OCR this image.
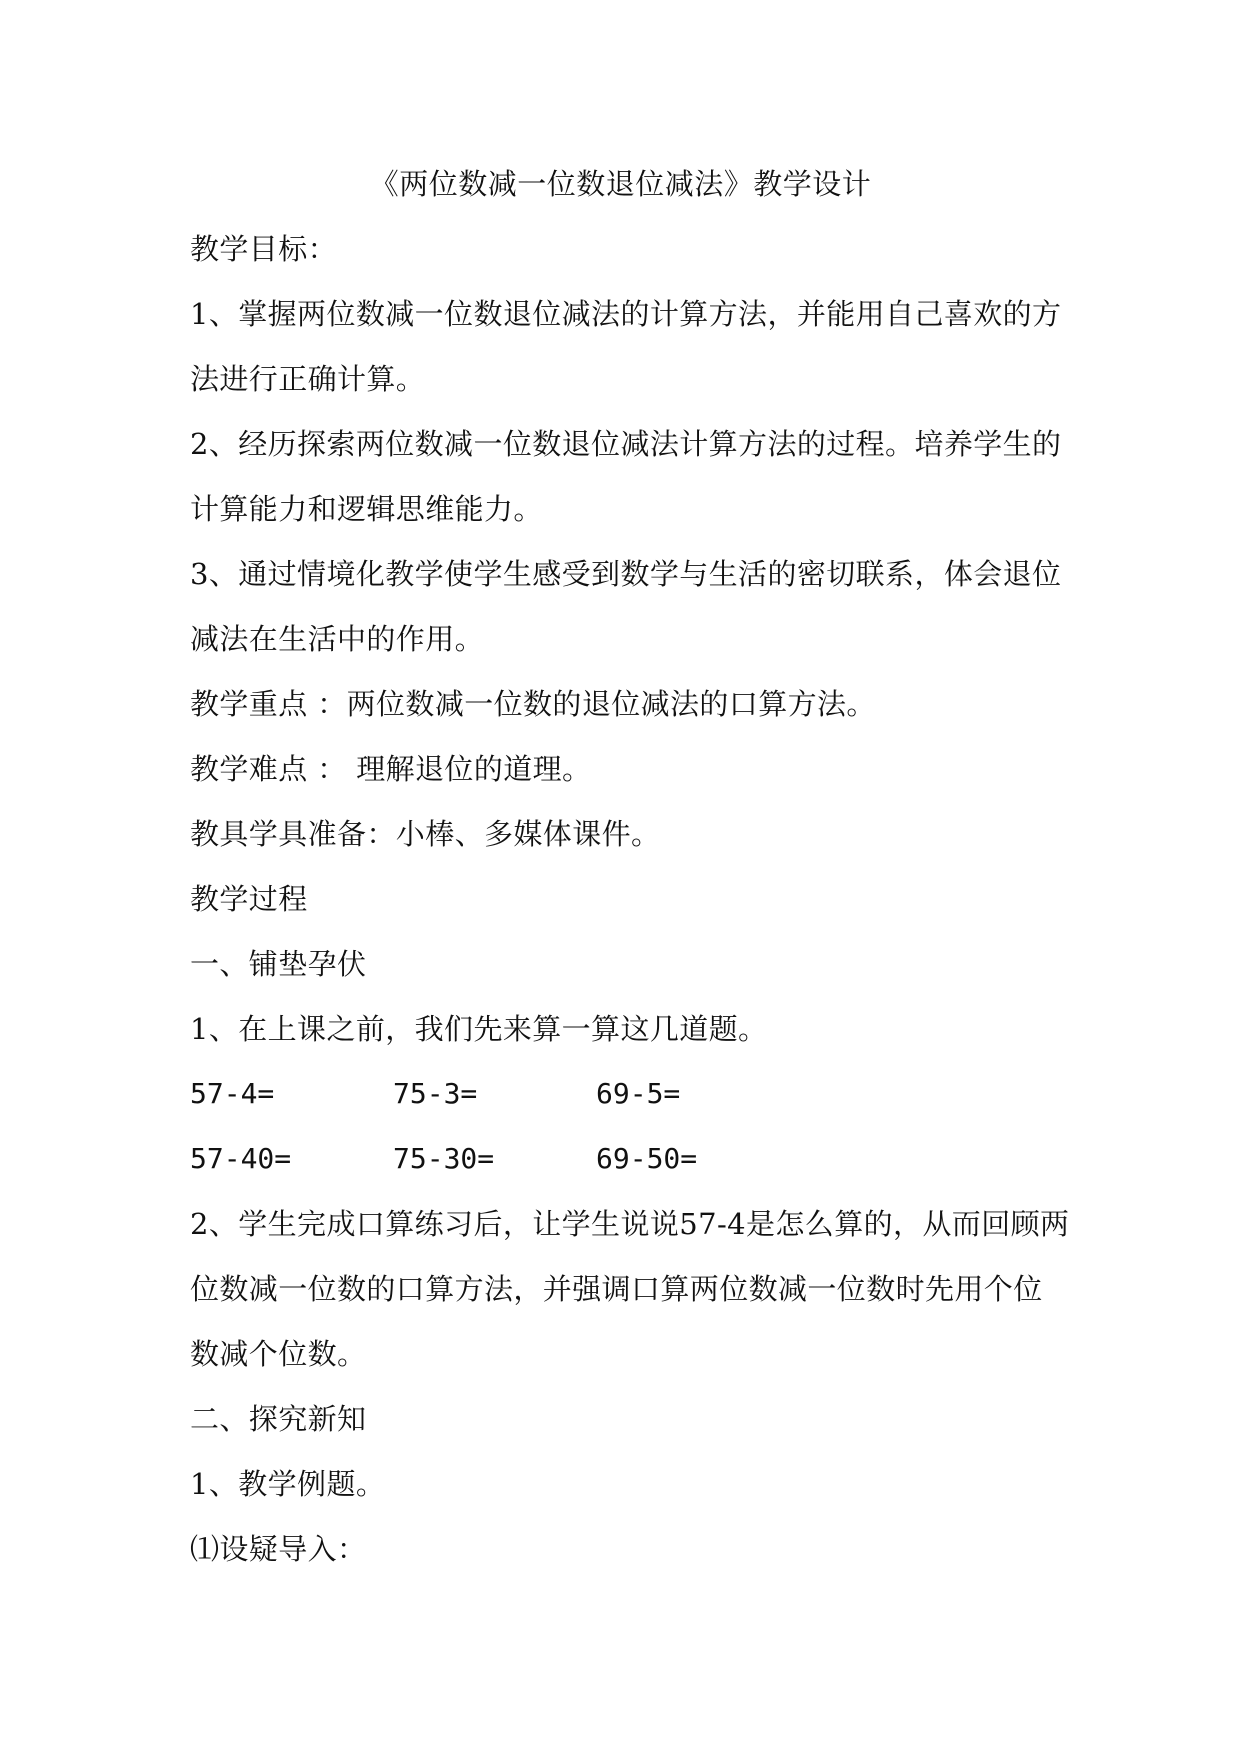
《两位数减一位数退位减法》教学设计
教学目标：
1、掌握两位数减一位数退位减法的计算方法，并能用自己喜欢的方
法进行正确计算。
2、经历探索两位数减一位数退位减法计算方法的过程。培养学生的
计算能力和逻辑思维能力。
3、通过情境化教学使学生感受到数学与生活的密切联系，体会退位
减法在生活中的作用。
教学重点 ：两位数减一位数的退位减法的口算方法。
教学难点 ： 理解退位的道理。
教具学具准备：小棒、多媒体课件。
教学过程
一、铺垫孕伏
1、在上课之前，我们先来算一算这几道题。
57-4=	75-3=	69-5=
57-40=	75-30=	69-50=
2、学生完成口算练习后，让学生说说57-4是怎么算的，从而回顾两
位数减一位数的口算方法，并强调口算两位数减一位数时先用个位
数减个位数。
二、探究新知
1、教学例题。
⑴设疑导入：
